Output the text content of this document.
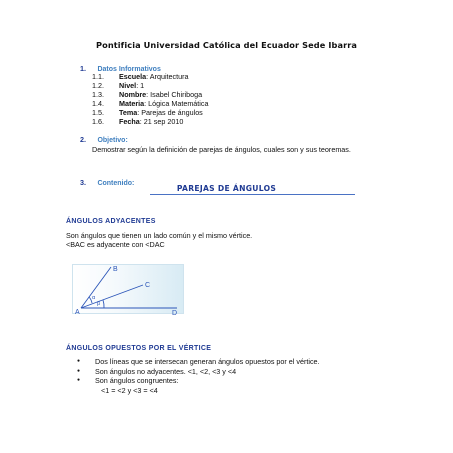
Pontificia Universidad Católica del Ecuador Sede Ibarra
1. Datos Informativos
1.1. Escuela: Arquitectura
1.2. Nivel: 1
1.3. Nombre: Isabel Chiriboga
1.4. Materia: Lógica Matemática
1.5. Tema: Parejas de ángulos
1.6. Fecha: 21 sep 2010
2. Objetivo:
Demostrar según la definición de parejas de ángulos, cuales son y sus teoremas.
3. Contenido:
PAREJAS DE ÁNGULOS
ÁNGULOS ADYACENTES
Son ángulos que tienen un lado común y el mismo vértice.
<BAC es adyacente con <DAC
B
C
A	D
α
β
ÁNGULOS OPUESTOS POR EL VÉRTICE
● Dos líneas que se intersecan generan ángulos opuestos por el vértice.
● Son ángulos no adyacentes. <1, <2, <3 y <4
● Son ángulos congruentes:
<1 = <2 y <3 = <4
